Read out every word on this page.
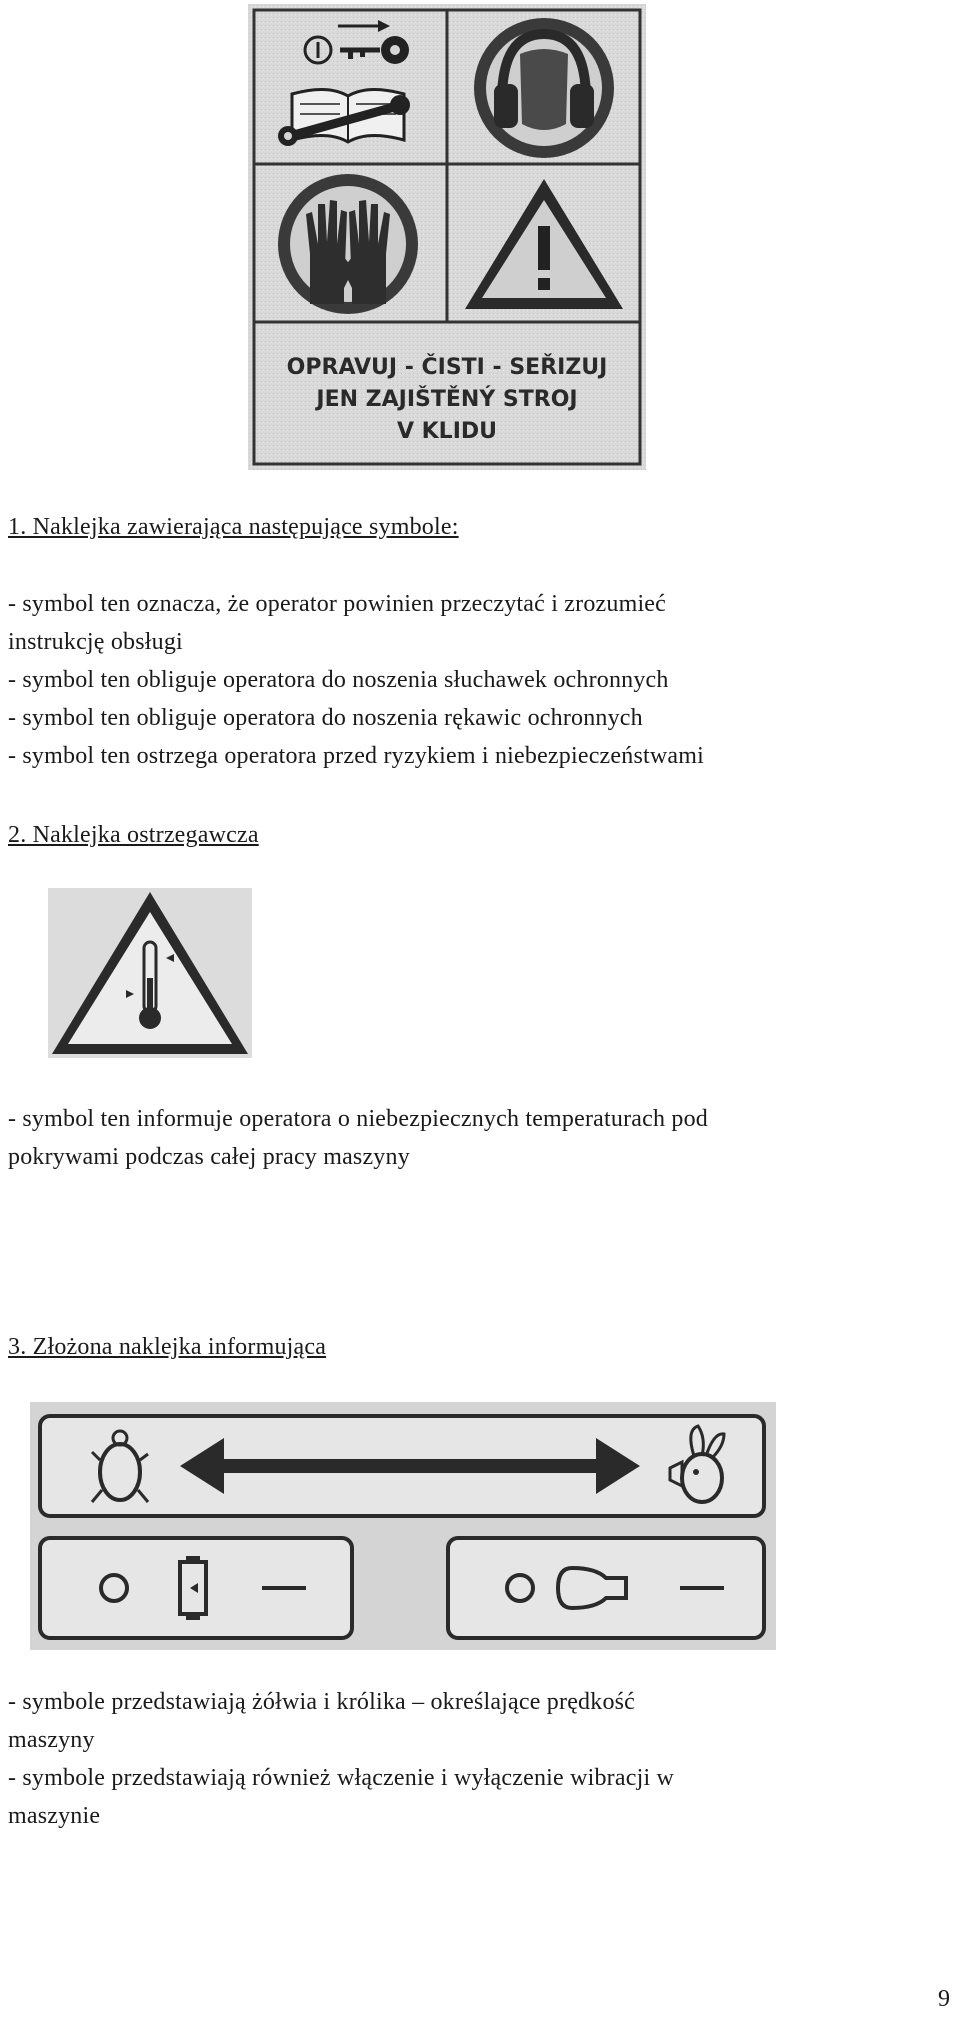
OPRAVUJ - ČISTI - SEŘIZUJ
JEN ZAJIŠTĚNÝ STROJ
V KLIDU
1. Naklejka zawierająca następujące symbole:
- symbol ten oznacza, że operator powinien przeczytać i zrozumieć
instrukcję obsługi
- symbol ten obliguje operatora do noszenia słuchawek ochronnych
- symbol ten obliguje operatora do noszenia rękawic ochronnych
- symbol ten ostrzega operatora przed ryzykiem i niebezpieczeństwami
2. Naklejka ostrzegawcza
- symbol ten informuje operatora o niebezpiecznych temperaturach pod
pokrywami podczas całej pracy maszyny
3. Złożona naklejka informująca
- symbole przedstawiają żółwia i królika – określające prędkość
maszyny
- symbole przedstawiają również włączenie i wyłączenie wibracji w
maszynie
9
